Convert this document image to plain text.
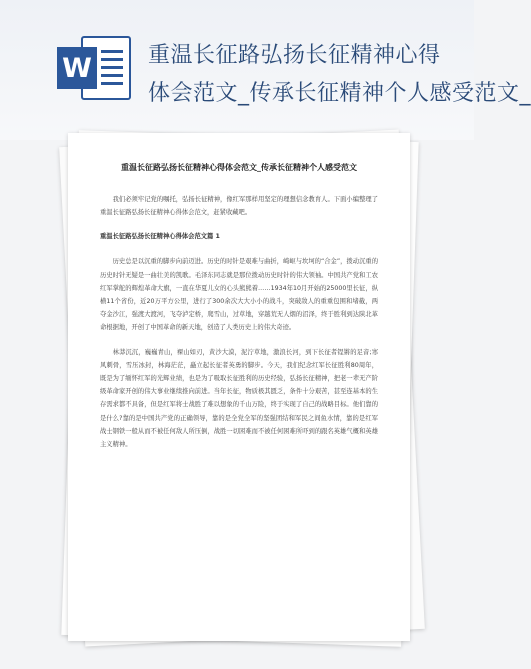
W	重温长征路弘扬长征精神心得
体会范文_传承长征精神个人感受范文_

重温长征路弘扬长征精神心得体会范文_传承长征精神个人感受范文

我们必须牢记党的嘱托，弘扬长征精神，像红军那样用坚定的理想信念教育人。下面小编整理了重温长征路弘扬长征精神心得体会范文，赶紧收藏吧。

重温长征路弘扬长征精神心得体会范文篇 1

历史总是以沉重的脚步向前迈进。历史的时针是艰难与曲折，崎岖与坎坷的“合金”，拨动沉重的历史时针无疑是一曲壮美的凯歌。毛泽东同志就是那位拨动历史时针的伟大领袖。中国共产党和工农红军掌舵的辉煌革命大旗，一直在华夏儿女的心头熊熊着……1934年10月开始的25000里长征，纵横11个省份，近20万平方公里，进行了300余次大大小小的战斗，突破敌人的重重包围和堵截，两夺金沙江，强渡大渡河，飞夺泸定桥，爬雪山，过草地，穿越荒无人烟的沼泽，终于胜利到达陕北革命根据地，开创了中国革命的新天地，创造了人类历史上的伟大奇迹。

林莽沉沉，巍巍青山，裸山如刃，黄沙大漠，泥泞草地，激浪长河，到下长征者锃锵的足音;寒风刺骨，雪压冰封，林海茫茫，矗立起长征者英勇的脚步。今天，我们纪念红军长征胜利80周年，既是为了缅怀红军的光辉业绩，也是为了吸取长征胜利的历史经验，弘扬长征精神，把老一辈无产阶级革命家开创的伟大事业继续推向前进。当年长征，物质极其匮乏，条件十分艰苦，甚至连基本的生存需求都不具备，但是红军将士战胜了难以想象的千山万险，终于实现了自己的战略目标。他们靠的是什么?靠的是中国共产党的正确领导，靠的是全党全军的坚强团结和军民之间鱼水情，靠的是红军战士钢铁一般从而不被任何敌人所压倒，战胜一切困难而不被任何困难所吓到的跟名英雄气概和英雄主义精神。
